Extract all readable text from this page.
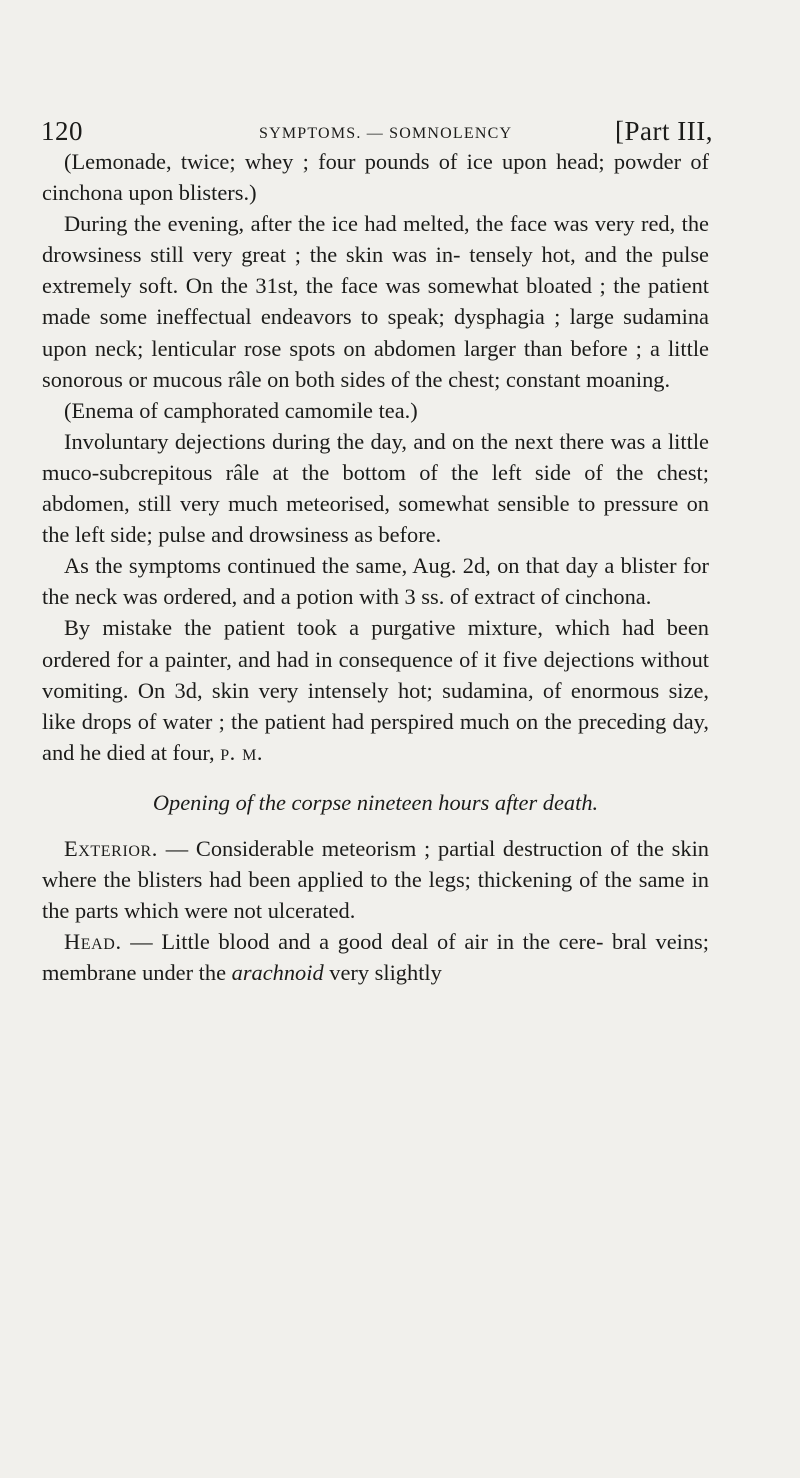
120	SYMPTOMS. — SOMNOLENCY	[Part III,

(Lemonade, twice; whey ; four pounds of ice upon head; powder of cinchona upon blisters.)

During the evening, after the ice had melted, the face was very red, the drowsiness still very great ; the skin was in- tensely hot, and the pulse extremely soft. On the 31st, the face was somewhat bloated ; the patient made some ineffectual endeavors to speak; dysphagia ; large sudamina upon neck; lenticular rose spots on abdomen larger than before ; a little sonorous or mucous râle on both sides of the chest; constant moaning.

(Enema of camphorated camomile tea.)

Involuntary dejections during the day, and on the next there was a little muco-subcrepitous râle at the bottom of the left side of the chest; abdomen, still very much meteorised, somewhat sensible to pressure on the left side; pulse and drowsiness as before.

As the symptoms continued the same, Aug. 2d, on that day a blister for the neck was ordered, and a potion with 3 ss. of extract of cinchona.

By mistake the patient took a purgative mixture, which had been ordered for a painter, and had in consequence of it five dejections without vomiting. On 3d, skin very intensely hot; sudamina, of enormous size, like drops of water ; the patient had perspired much on the preceding day, and he died at four, p. m.

Opening of the corpse nineteen hours after death.

Exterior. — Considerable meteorism ; partial destruction of the skin where the blisters had been applied to the legs; thickening of the same in the parts which were not ulcerated.

Head. — Little blood and a good deal of air in the cere- bral veins; membrane under the arachnoid very slightly
